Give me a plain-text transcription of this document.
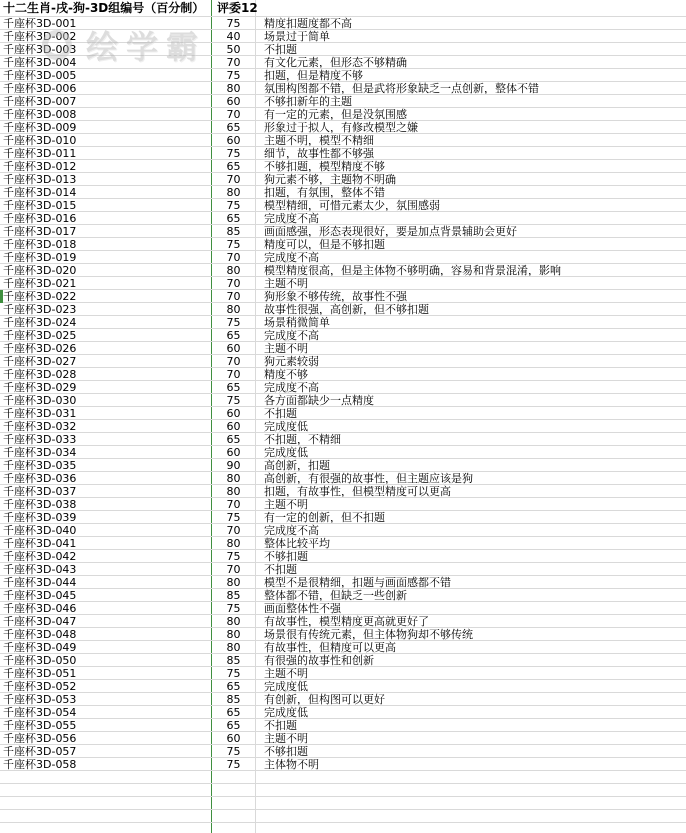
十二生肖-戌-狗-3D组编号（百分制）	评委12
千座杯3D-001	75	精度扣题度都不高
千座杯3D-002	40	场景过于简单
千座杯3D-003	50	不扣题
千座杯3D-004	70	有文化元素，但形态不够精确
千座杯3D-005	75	扣题，但是精度不够
千座杯3D-006	80	氛围构图都不错，但是武将形象缺乏一点创新，整体不错
千座杯3D-007	60	不够扣新年的主题
千座杯3D-008	70	有一定的元素，但是没氛围感
千座杯3D-009	65	形象过于拟人，有修改模型之嫌
千座杯3D-010	60	主题不明，模型不精细
千座杯3D-011	75	细节，故事性都不够强
千座杯3D-012	65	不够扣题，模型精度不够
千座杯3D-013	70	狗元素不够，主题物不明确
千座杯3D-014	80	扣题，有氛围，整体不错
千座杯3D-015	75	模型精细，可惜元素太少，氛围感弱
千座杯3D-016	65	完成度不高
千座杯3D-017	85	画面感强，形态表现很好，要是加点背景辅助会更好
千座杯3D-018	75	精度可以，但是不够扣题
千座杯3D-019	70	完成度不高
千座杯3D-020	80	模型精度很高，但是主体物不够明确，容易和背景混淆，影响
千座杯3D-021	70	主题不明
千座杯3D-022	70	狗形象不够传统，故事性不强
千座杯3D-023	80	故事性很强，高创新，但不够扣题
千座杯3D-024	75	场景稍微简单
千座杯3D-025	65	完成度不高
千座杯3D-026	60	主题不明
千座杯3D-027	70	狗元素较弱
千座杯3D-028	70	精度不够
千座杯3D-029	65	完成度不高
千座杯3D-030	75	各方面都缺少一点精度
千座杯3D-031	60	不扣题
千座杯3D-032	60	完成度低
千座杯3D-033	65	不扣题，不精细
千座杯3D-034	60	完成度低
千座杯3D-035	90	高创新，扣题
千座杯3D-036	80	高创新，有很强的故事性，但主题应该是狗
千座杯3D-037	80	扣题，有故事性，但模型精度可以更高
千座杯3D-038	70	主题不明
千座杯3D-039	75	有一定的创新，但不扣题
千座杯3D-040	70	完成度不高
千座杯3D-041	80	整体比较平均
千座杯3D-042	75	不够扣题
千座杯3D-043	70	不扣题
千座杯3D-044	80	模型不是很精细，扣题与画面感都不错
千座杯3D-045	85	整体都不错，但缺乏一些创新
千座杯3D-046	75	画面整体性不强
千座杯3D-047	80	有故事性，模型精度更高就更好了
千座杯3D-048	80	场景很有传统元素，但主体物狗却不够传统
千座杯3D-049	80	有故事性，但精度可以更高
千座杯3D-050	85	有很强的故事性和创新
千座杯3D-051	75	主题不明
千座杯3D-052	65	完成度低
千座杯3D-053	85	有创新，但构图可以更好
千座杯3D-054	65	完成度低
千座杯3D-055	65	不扣题
千座杯3D-056	60	主题不明
千座杯3D-057	75	不够扣题
千座杯3D-058	75	主体物不明
绘学霸
